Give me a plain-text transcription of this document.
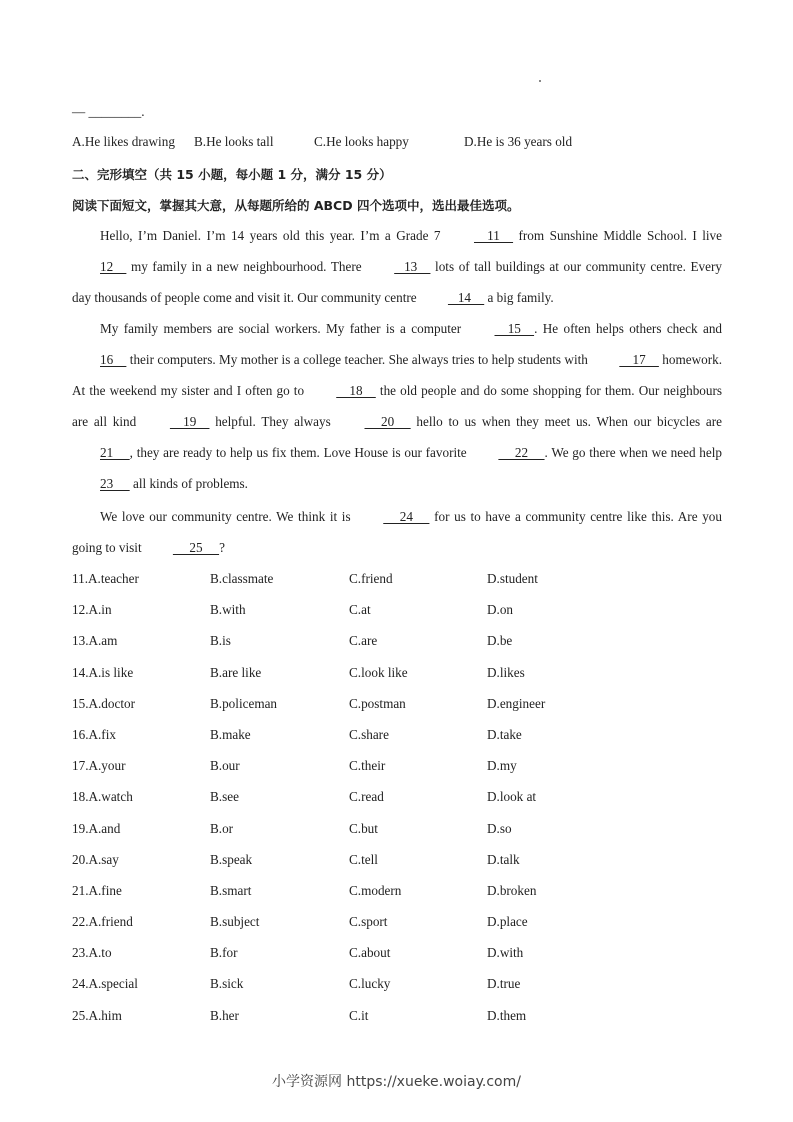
— ________.
A.He likes drawing B.He looks tall	C.He looks happy	D.He is 36 years old
二、完形填空（共 15 小题，每小题 1 分，满分 15 分）
阅读下面短文，掌握其大意，从每题所给的 ABCD 四个选项中，选出最佳选项。
Hello, I’m Daniel. I’m 14 years old this year. I’m a Grade 7     11     from Sunshine Middle School. I live 12     my family in a new neighbourhood. There    13     lots of tall buildings at our community centre. Every day thousands of people come and visit it. Our community centre    14     a big family.
My family members are social workers. My father is a computer     15    . He often helps others check and 16     their computers. My mother is a college teacher. She always tries to help students with     17     homework. At the weekend my sister and I often go to     18     the old people and do some shopping for them. Our neighbours are all kind     19     helpful. They always      20      hello to us when they meet us. When our bicycles are 21     , they are ready to help us fix them. Love House is our favorite      22     . We go there when we need help 23      all kinds of problems.
We love our community centre. We think it is      24      for us to have a community centre like this. Are you going to visit      25     ?
11.A.teacher	B.classmate	C.friend	D.student
12.A.in	B.with	C.at	D.on
13.A.am	B.is	C.are	D.be
14.A.is like	B.are like	C.look like	D.likes
15.A.doctor	B.policeman	C.postman	D.engineer
16.A.fix	B.make	C.share	D.take
17.A.your	B.our	C.their	D.my
18.A.watch	B.see	C.read	D.look at
19.A.and	B.or	C.but	D.so
20.A.say	B.speak	C.tell	D.talk
21.A.fine	B.smart	C.modern	D.broken
22.A.friend	B.subject	C.sport	D.place
23.A.to	B.for	C.about	D.with
24.A.special	B.sick	C.lucky	D.true
25.A.him	B.her	C.it	D.them
小学资源网 https://xueke.woiay.com/
